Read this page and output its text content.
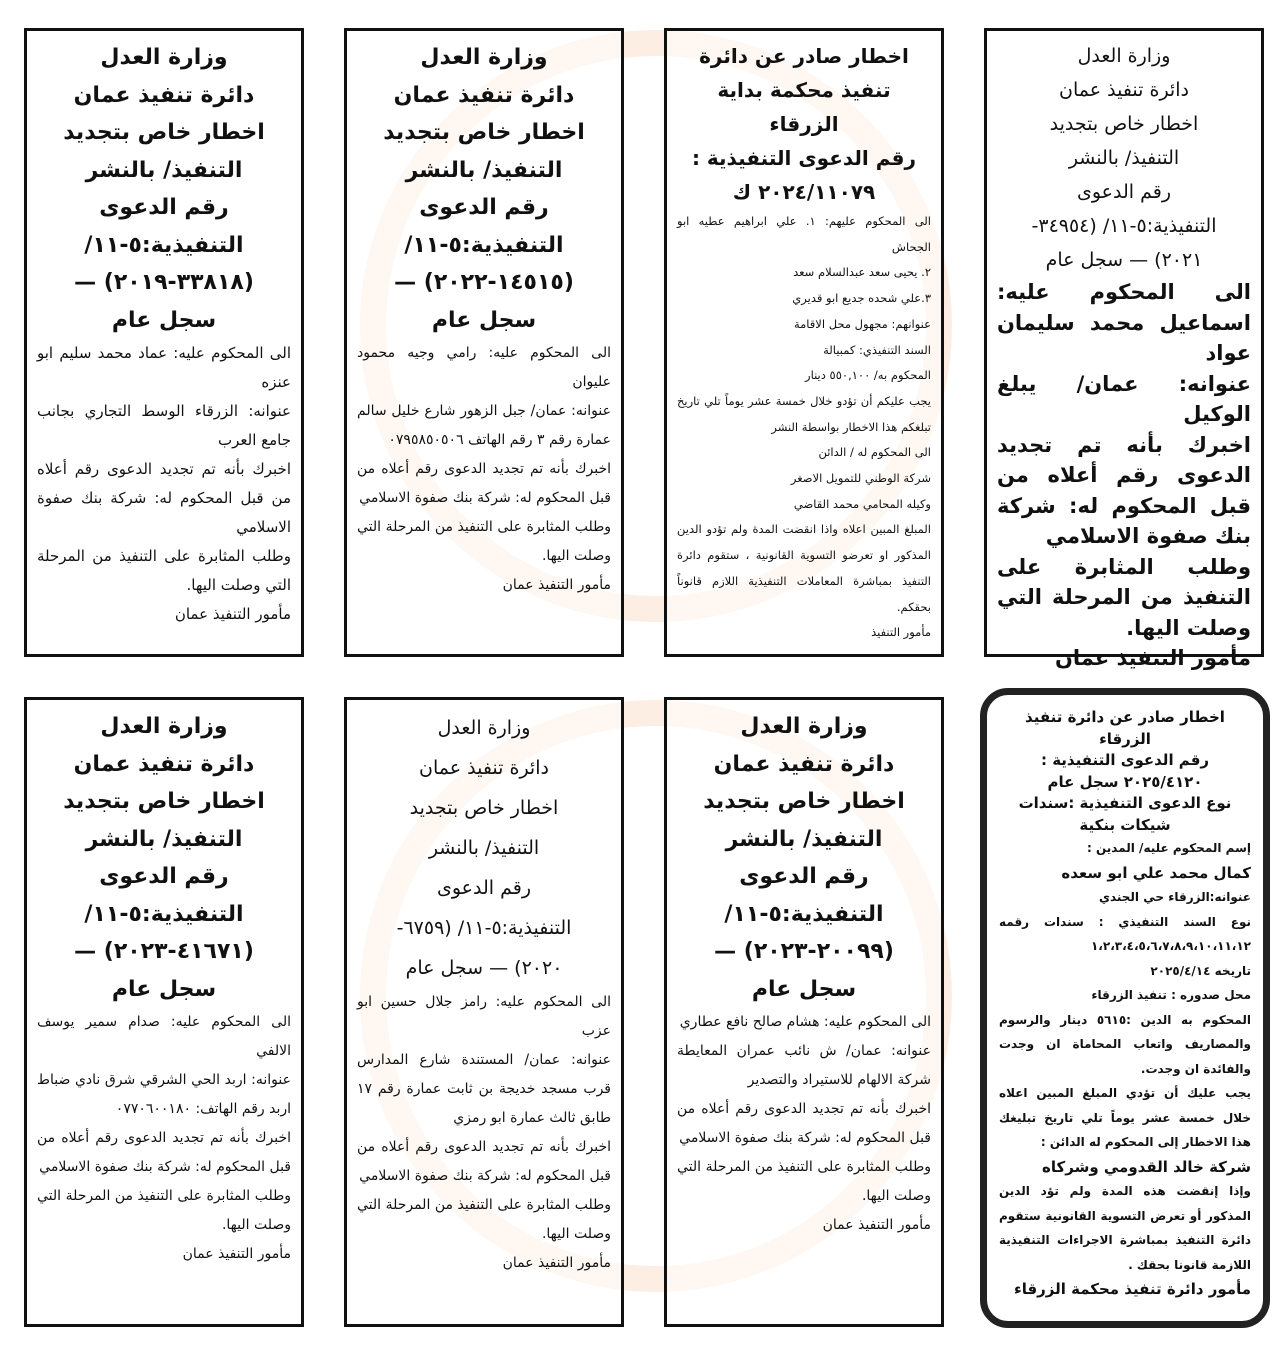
وزارة العدل
دائرة تنفيذ عمان
اخطار خاص بتجديد
التنفيذ/ بالنشر
رقم الدعوى
التنفيذية:٥-١١/ (٣٤٩٥٤-
٢٠٢١) — سجل عام
الى المحكوم عليه: اسماعيل محمد سليمان عواد
عنوانه: عمان/ يبلغ الوكيل
اخبرك بأنه تم تجديد الدعوى رقم أعلاه من قبل المحكوم له: شركة بنك صفوة الاسلامي
وطلب المثابرة على التنفيذ من المرحلة التي وصلت اليها.
مأمور التنفيذ عمان
اخطار صادر عن دائرة
تنفيذ محكمة بداية
الزرقاء
رقم الدعوى التنفيذية :
٢٠٢٤/١١٠٧٩ ك
الى المحكوم عليهم: ١. علي ابراهيم عطيه ابو الجحاش
٢. يحيى سعد عبدالسلام سعد
٣.علي شحده جديع ابو قديري
عنوانهم: مجهول محل الاقامة
السند التنفيذي: كمبيالة
المحكوم به/ ٥٥٠,١٠٠ دينار
يجب عليكم أن تؤدو خلال خمسة عشر يوماً تلي تاريخ تبلغكم هذا الاخطار بواسطة النشر
الى المحكوم له / الدائن
شركة الوطني للتمويل الاصغر
وكيله المحامي محمد القاضي
المبلغ المبين اعلاه واذا انقضت المدة ولم تؤدو الدين المذكور او تعرضو التسوية القانونية ، ستقوم دائرة التنفيذ بمباشرة المعاملات التنفيذية اللازم قانوناً بحقكم.
مأمور التنفيذ
وزارة العدل
دائرة تنفيذ عمان
اخطار خاص بتجديد
التنفيذ/ بالنشر
رقم الدعوى
التنفيذية:٥-١١/
(١٤٥١٥-٢٠٢٢) —
سجل عام
الى المحكوم عليه: رامي وجيه محمود عليوان
عنوانه: عمان/ جبل الزهور شارع خليل سالم عمارة رقم ٣ رقم الهاتف ٠٧٩٥٨٥٠٥٠٦
اخبرك بأنه تم تجديد الدعوى رقم أعلاه من قبل المحكوم له: شركة بنك صفوة الاسلامي
وطلب المثابرة على التنفيذ من المرحلة التي وصلت اليها.
مأمور التنفيذ عمان
وزارة العدل
دائرة تنفيذ عمان
اخطار خاص بتجديد
التنفيذ/ بالنشر
رقم الدعوى
التنفيذية:٥-١١/
(٣٣٨١٨-٢٠١٩) —
سجل عام
الى المحكوم عليه: عماد محمد سليم ابو عنزه
عنوانه: الزرقاء الوسط التجاري بجانب جامع العرب
اخبرك بأنه تم تجديد الدعوى رقم أعلاه من قبل المحكوم له: شركة بنك صفوة الاسلامي
وطلب المثابرة على التنفيذ من المرحلة التي وصلت اليها.
مأمور التنفيذ عمان
اخطار صادر عن دائرة تنفيذ الزرقاء
رقم الدعوى التنفيذية :
٢٠٢٥/٤١٢٠ سجل عام
نوع الدعوى التنفيذية :سندات شيكات بنكية
إسم المحكوم عليه/ المدين :
كمال محمد علي ابو سعده
عنوانه:الزرقاء حي الجندي
نوع السند التنفيذي : سندات رقمه ١،٢،٣،٤،٥،٦،٧،٨،٩،١٠،١١،١٢
تاريخه ٢٠٢٥/٤/١٤
محل صدوره : تنفيذ الزرقاء
المحكوم به الدين :٥٦١٥ دينار والرسوم والمصاريف واتعاب المحاماة ان وجدت والفائدة ان وجدت.
يجب عليك أن تؤدي المبلغ المبين اعلاه خلال خمسة عشر يوماً تلي تاريخ تبليغك هذا الاخطار إلى المحكوم له الدائن :
شركة خالد القدومي وشركاه
وإذا إنقضت هذه المدة ولم تؤد الدين المذكور أو تعرض التسوية القانونية ستقوم دائرة التنفيذ بمباشرة الاجراءات التنفيذية اللازمة قانونا بحقك .
مأمور دائرة تنفيذ محكمة الزرقاء
وزارة العدل
دائرة تنفيذ عمان
اخطار خاص بتجديد
التنفيذ/ بالنشر
رقم الدعوى
التنفيذية:٥-١١/
(٢٠٠٩٩-٢٠٢٣) —
سجل عام
الى المحكوم عليه: هشام صالح نافع عطاري
عنوانه: عمان/ ش نائب عمران المعايطة شركة الالهام للاستيراد والتصدير
اخبرك بأنه تم تجديد الدعوى رقم أعلاه من قبل المحكوم له: شركة بنك صفوة الاسلامي
وطلب المثابرة على التنفيذ من المرحلة التي وصلت اليها.
مأمور التنفيذ عمان
وزارة العدل
دائرة تنفيذ عمان
اخطار خاص بتجديد
التنفيذ/ بالنشر
رقم الدعوى
التنفيذية:٥-١١/ (٦٧٥٩-
٢٠٢٠) — سجل عام
الى المحكوم عليه: رامز جلال حسين ابو عزب
عنوانه: عمان/ المستندة شارع المدارس قرب مسجد خديجة بن ثابت عمارة رقم ١٧ طابق ثالث عمارة ابو رمزي
اخبرك بأنه تم تجديد الدعوى رقم أعلاه من قبل المحكوم له: شركة بنك صفوة الاسلامي
وطلب المثابرة على التنفيذ من المرحلة التي وصلت اليها.
مأمور التنفيذ عمان
وزارة العدل
دائرة تنفيذ عمان
اخطار خاص بتجديد
التنفيذ/ بالنشر
رقم الدعوى
التنفيذية:٥-١١/
(٤١٦٧١-٢٠٢٣) —
سجل عام
الى المحكوم عليه: صدام سمير يوسف الالفي
عنوانه: اربد الحي الشرقي شرق نادي ضباط اربد رقم الهاتف: ٠٧٧٠٦٠٠١٨٠
اخبرك بأنه تم تجديد الدعوى رقم أعلاه من قبل المحكوم له: شركة بنك صفوة الاسلامي
وطلب المثابرة على التنفيذ من المرحلة التي وصلت اليها.
مأمور التنفيذ عمان
